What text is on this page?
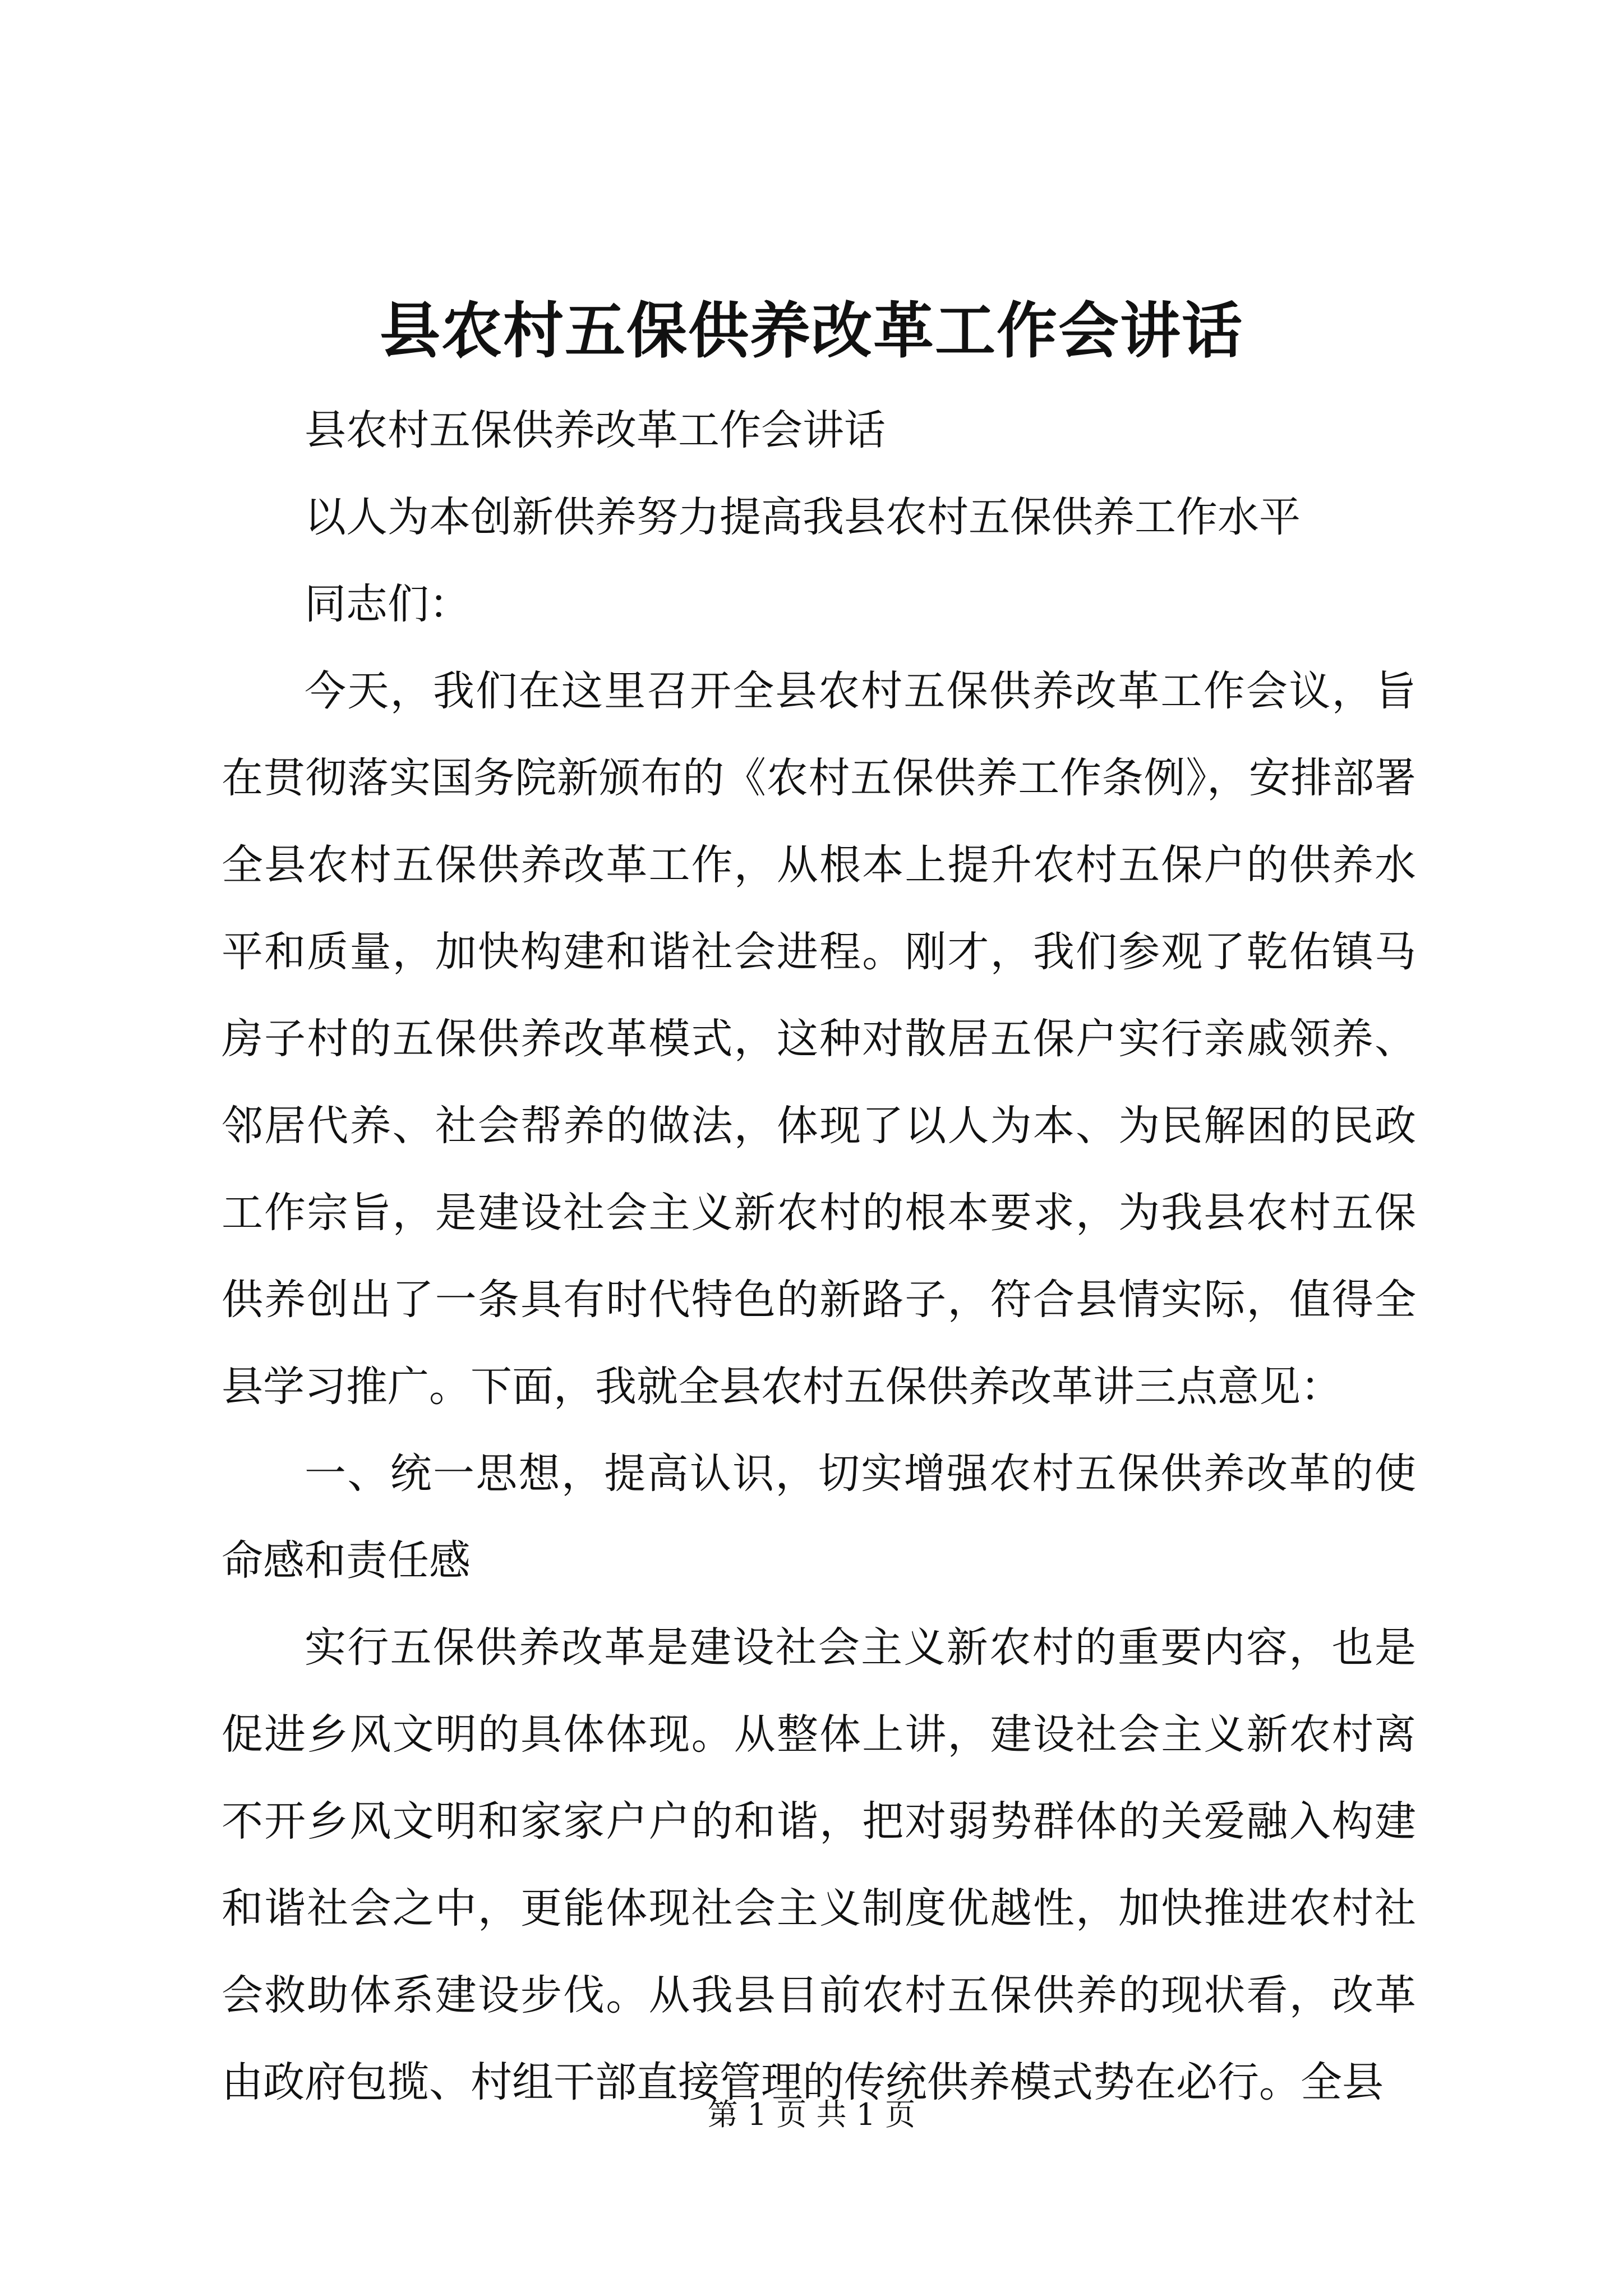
县农村五保供养改革工作会讲话

县农村五保供养改革工作会讲话

以人为本创新供养努力提高我县农村五保供养工作水平

同志们：

今天，我们在这里召开全县农村五保供养改革工作会议，旨在贯彻落实国务院新颁布的《农村五保供养工作条例》，安排部署全县农村五保供养改革工作，从根本上提升农村五保户的供养水平和质量，加快构建和谐社会进程。刚才，我们参观了乾佑镇马房子村的五保供养改革模式，这种对散居五保户实行亲戚领养、邻居代养、社会帮养的做法，体现了以人为本、为民解困的民政工作宗旨，是建设社会主义新农村的根本要求，为我县农村五保供养创出了一条具有时代特色的新路子，符合县情实际，值得全县学习推广。下面，我就全县农村五保供养改革讲三点意见：

一、统一思想，提高认识，切实增强农村五保供养改革的使命感和责任感

实行五保供养改革是建设社会主义新农村的重要内容，也是促进乡风文明的具体体现。从整体上讲，建设社会主义新农村离不开乡风文明和家家户户的和谐，把对弱势群体的关爱融入构建和谐社会之中，更能体现社会主义制度优越性，加快推进农村社会救助体系建设步伐。从我县目前农村五保供养的现状看，改革由政府包揽、村组干部直接管理的传统供养模式势在必行。全县

第 1 页 共 1 页
